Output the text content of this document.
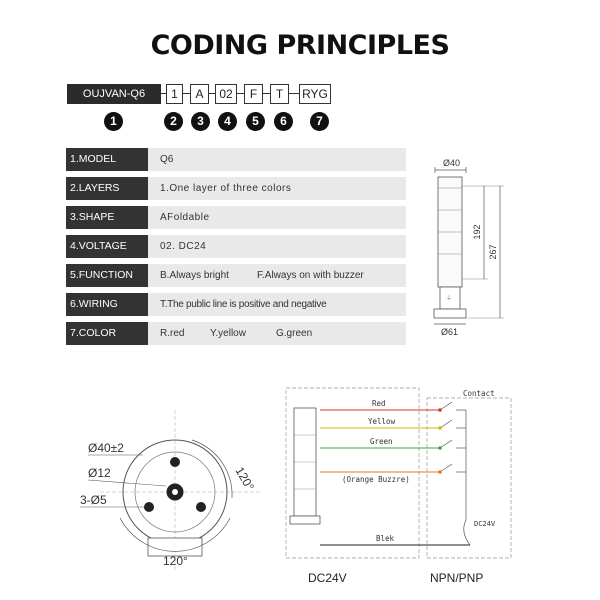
CODING PRINCIPLES
OUJVAN-Q6	1	A	02	F	T	RYG
1	2	3	4	5	6	7
1.MODEL	Q6
2.LAYERS	1.One layer of three colors
3.SHAPE	AFoldable
4.VOLTAGE	02. DC24
5.FUNCTION	B.Always bright	F.Always on with buzzer
6.WIRING	T.The public line is positive and negative
7.COLOR	R.red	Y.yellow	G.green
Ø40
⏚
192
267
Ø61
120°
120°
Ø40±2
Ø12
3-Ø5
Contact
Red
Yellow
Green
(Orange Buzzre)
Blek
DC24V
DC24V	NPN/PNP
